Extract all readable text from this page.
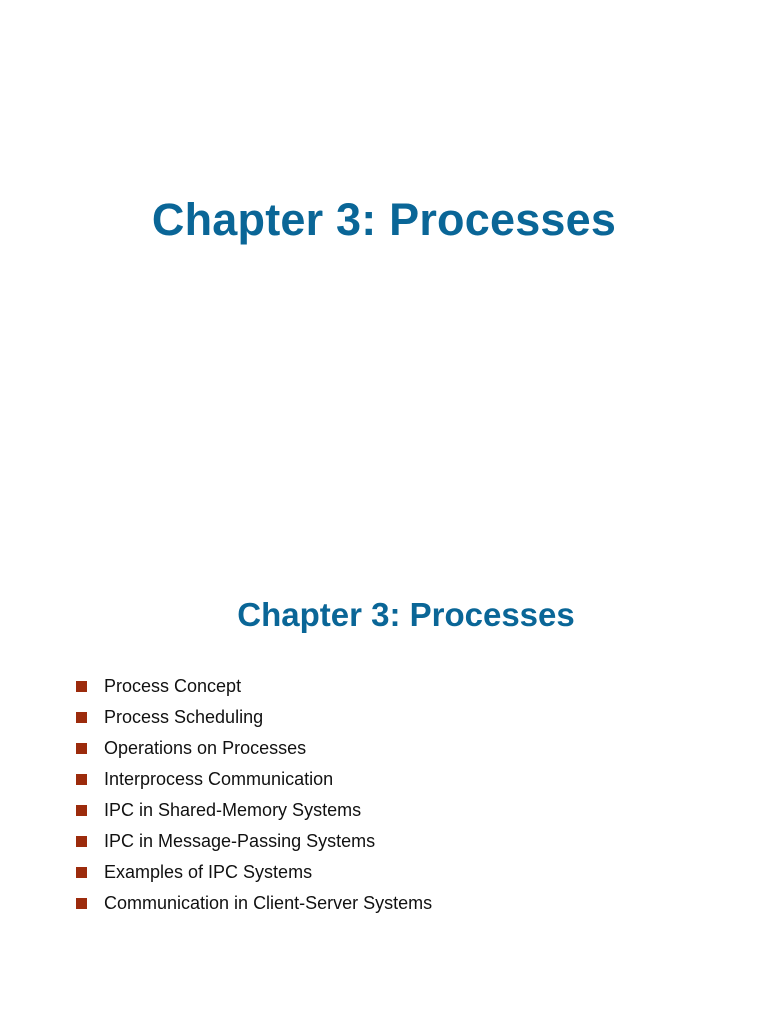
Chapter 3: Processes
Chapter 3: Processes
Process Concept
Process Scheduling
Operations on Processes
Interprocess Communication
IPC in Shared-Memory Systems
IPC in Message-Passing Systems
Examples of IPC Systems
Communication in Client-Server Systems
